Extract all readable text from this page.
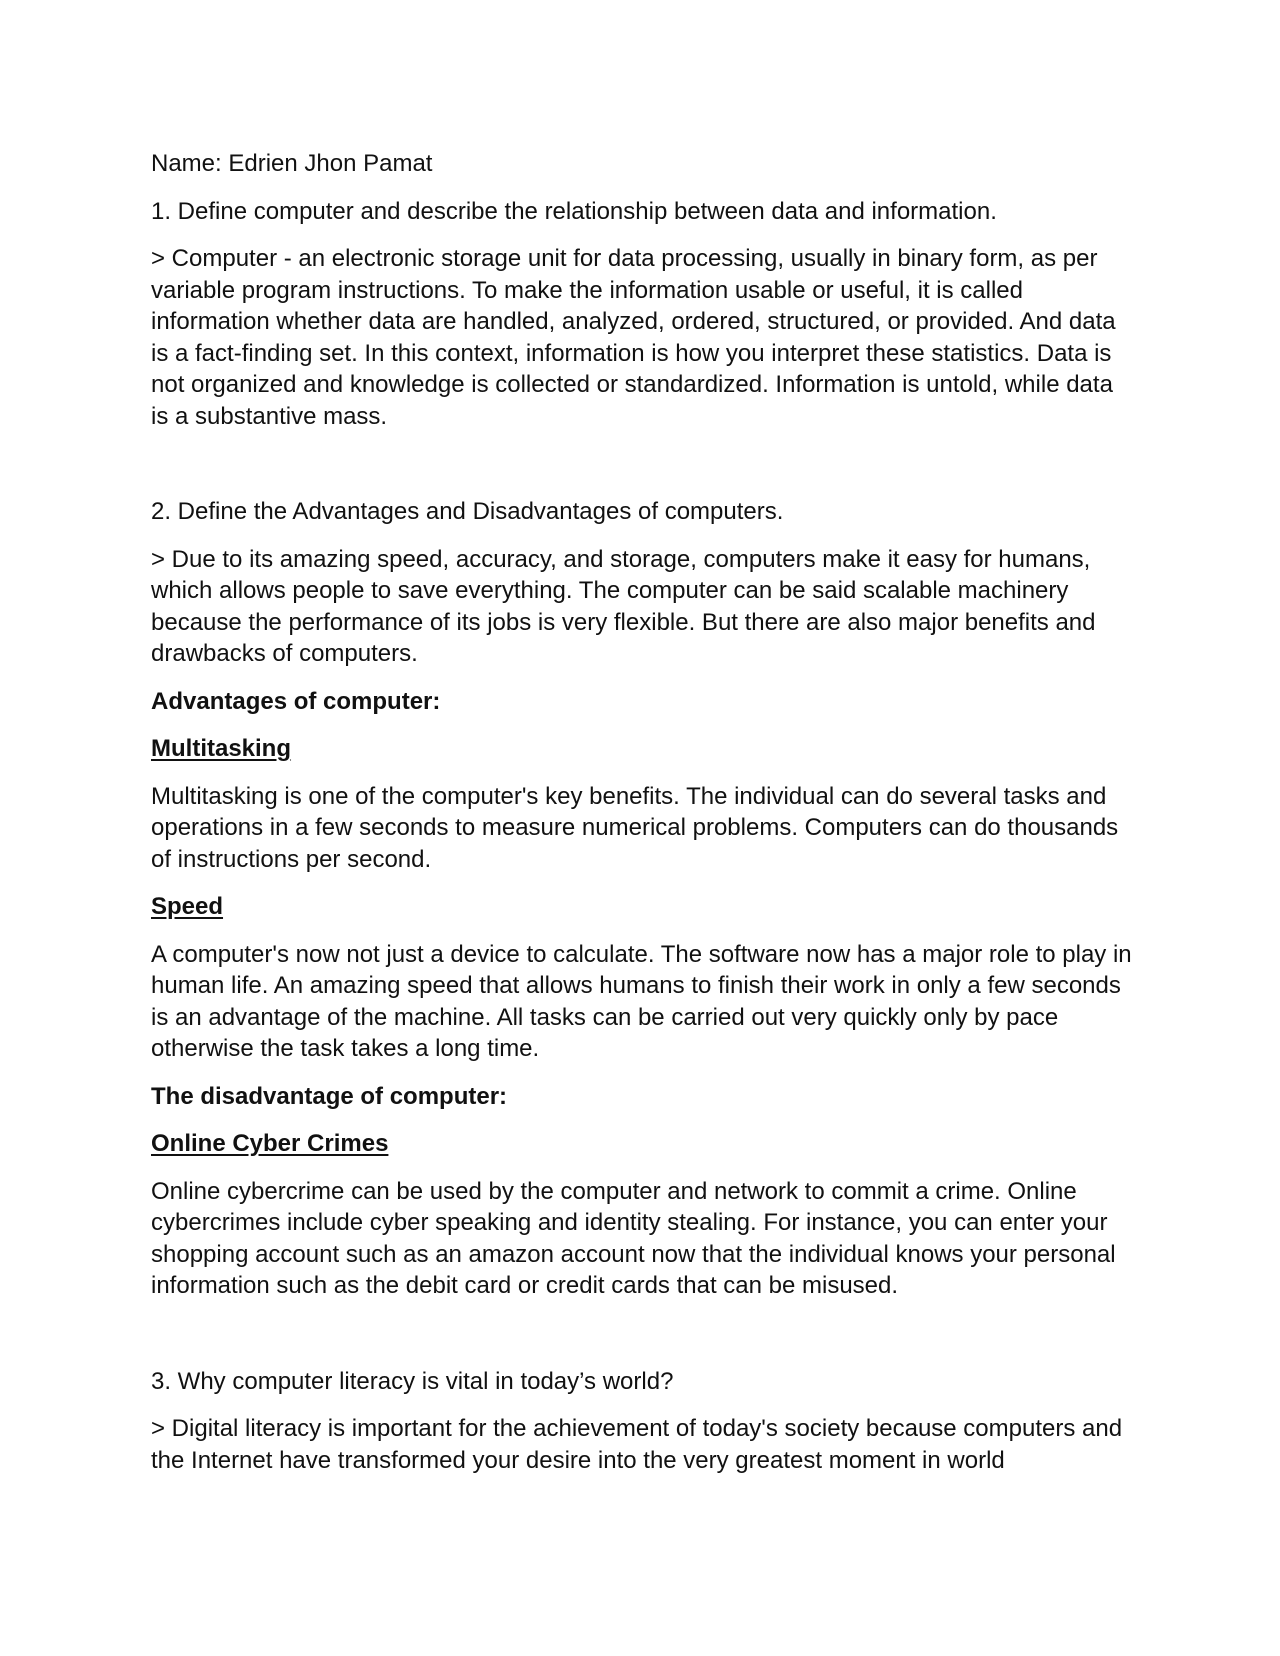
Name: Edrien Jhon Pamat

1. Define computer and describe the relationship between data and information.

> Computer - an electronic storage unit for data processing, usually in binary form, as per variable program instructions. To make the information usable or useful, it is called information whether data are handled, analyzed, ordered, structured, or provided. And data is a fact-finding set. In this context, information is how you interpret these statistics. Data is not organized and knowledge is collected or standardized. Information is untold, while data is a substantive mass.

2. Define the Advantages and Disadvantages of computers.

> Due to its amazing speed, accuracy, and storage, computers make it easy for humans, which allows people to save everything. The computer can be said scalable machinery because the performance of its jobs is very flexible. But there are also major benefits and drawbacks of computers.

Advantages of computer:

Multitasking

Multitasking is one of the computer's key benefits. The individual can do several tasks and operations in a few seconds to measure numerical problems. Computers can do thousands of instructions per second.

Speed

A computer's now not just a device to calculate. The software now has a major role to play in human life. An amazing speed that allows humans to finish their work in only a few seconds is an advantage of the machine. All tasks can be carried out very quickly only by pace otherwise the task takes a long time.

The disadvantage of computer:

Online Cyber Crimes

Online cybercrime can be used by the computer and network to commit a crime. Online cybercrimes include cyber speaking and identity stealing. For instance, you can enter your shopping account such as an amazon account now that the individual knows your personal information such as the debit card or credit cards that can be misused.

3. Why computer literacy is vital in today’s world?

> Digital literacy is important for the achievement of today's society because computers and the Internet have transformed your desire into the very greatest moment in world
